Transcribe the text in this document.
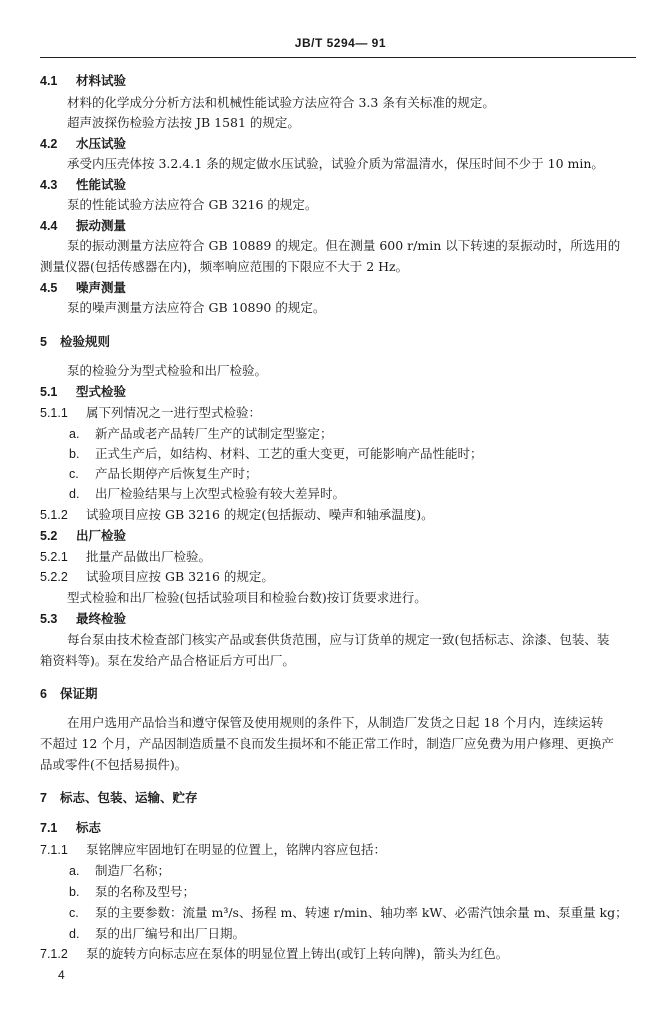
JB/T 5294— 91
4.1 材料试验
材料的化学成分分析方法和机械性能试验方法应符合 3.3 条有关标准的规定。
超声波探伤检验方法按 JB 1581 的规定。
4.2 水压试验
承受内压壳体按 3.2.4.1 条的规定做水压试验，试验介质为常温清水，保压时间不少于 10 min。
4.3 性能试验
泵的性能试验方法应符合 GB 3216 的规定。
4.4 振动测量
泵的振动测量方法应符合 GB 10889 的规定。但在测量 600 r/min 以下转速的泵振动时，所选用的
测量仪器(包括传感器在内)，频率响应范围的下限应不大于 2 Hz。
4.5 噪声测量
泵的噪声测量方法应符合 GB 10890 的规定。
5 检验规则
泵的检验分为型式检验和出厂检验。
5.1 型式检验
5.1.1 属下列情况之一进行型式检验：
a. 新产品或老产品转厂生产的试制定型鉴定；
b. 正式生产后，如结构、材料、工艺的重大变更，可能影响产品性能时；
c. 产品长期停产后恢复生产时；
d. 出厂检验结果与上次型式检验有较大差异时。
5.1.2 试验项目应按 GB 3216 的规定(包括振动、噪声和轴承温度)。
5.2 出厂检验
5.2.1 批量产品做出厂检验。
5.2.2 试验项目应按 GB 3216 的规定。
型式检验和出厂检验(包括试验项目和检验台数)按订货要求进行。
5.3 最终检验
每台泵由技术检查部门核实产品或套供货范围，应与订货单的规定一致(包括标志、涂漆、包装、装
箱资料等)。泵在发给产品合格证后方可出厂。
6 保证期
在用户选用产品恰当和遵守保管及使用规则的条件下，从制造厂发货之日起 18 个月内，连续运转
不超过 12 个月，产品因制造质量不良而发生损坏和不能正常工作时，制造厂应免费为用户修理、更换产
品或零件(不包括易损件)。
7 标志、包装、运输、贮存
7.1 标志
7.1.1 泵铭牌应牢固地钉在明显的位置上，铭牌内容应包括：
a. 制造厂名称；
b. 泵的名称及型号；
c. 泵的主要参数：流量 m³/s、扬程 m、转速 r/min、轴功率 kW、必需汽蚀余量 m、泵重量 kg；
d. 泵的出厂编号和出厂日期。
7.1.2 泵的旋转方向标志应在泵体的明显位置上铸出(或钉上转向牌)，箭头为红色。
4
